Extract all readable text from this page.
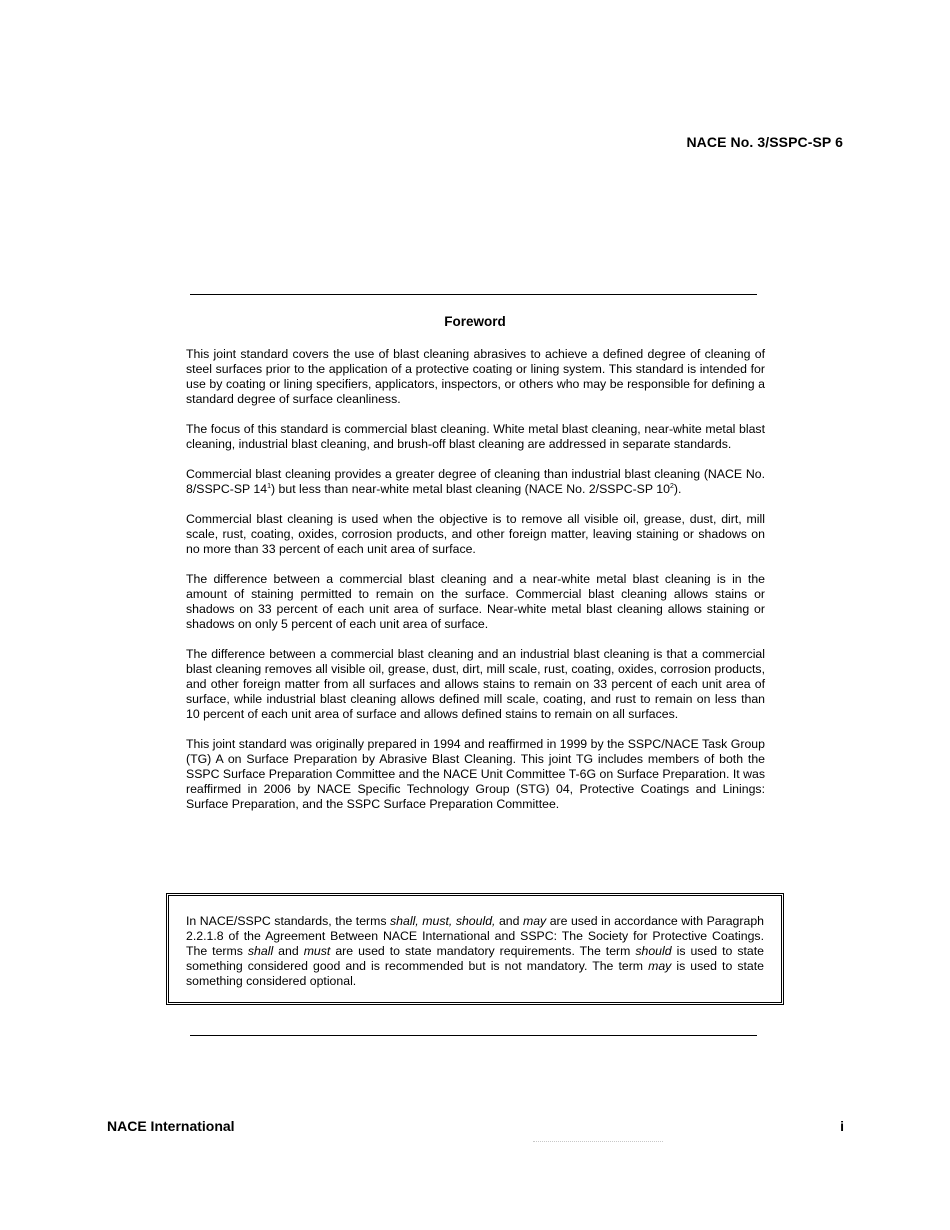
NACE No. 3/SSPC-SP 6
Foreword

This joint standard covers the use of blast cleaning abrasives to achieve a defined degree of cleaning of steel surfaces prior to the application of a protective coating or lining system. This standard is intended for use by coating or lining specifiers, applicators, inspectors, or others who may be responsible for defining a standard degree of surface cleanliness.

The focus of this standard is commercial blast cleaning. White metal blast cleaning, near-white metal blast cleaning, industrial blast cleaning, and brush-off blast cleaning are addressed in separate standards.

Commercial blast cleaning provides a greater degree of cleaning than industrial blast cleaning (NACE No. 8/SSPC-SP $14^1$) but less than near-white metal blast cleaning (NACE No. 2/SSPC-SP $10^2$).

Commercial blast cleaning is used when the objective is to remove all visible oil, grease, dust, dirt, mill scale, rust, coating, oxides, corrosion products, and other foreign matter, leaving staining or shadows on no more than 33 percent of each unit area of surface.

The difference between a commercial blast cleaning and a near-white metal blast cleaning is in the amount of staining permitted to remain on the surface. Commercial blast cleaning allows stains or shadows on 33 percent of each unit area of surface. Near-white metal blast cleaning allows staining or shadows on only 5 percent of each unit area of surface.

The difference between a commercial blast cleaning and an industrial blast cleaning is that a commercial blast cleaning removes all visible oil, grease, dust, dirt, mill scale, rust, coating, oxides, corrosion products, and other foreign matter from all surfaces and allows stains to remain on 33 percent of each unit area of surface, while industrial blast cleaning allows defined mill scale, coating, and rust to remain on less than 10 percent of each unit area of surface and allows defined stains to remain on all surfaces.

This joint standard was originally prepared in 1994 and reaffirmed in 1999 by the SSPC/NACE Task Group (TG) A on Surface Preparation by Abrasive Blast Cleaning. This joint TG includes members of both the SSPC Surface Preparation Committee and the NACE Unit Committee T-6G on Surface Preparation. It was reaffirmed in 2006 by NACE Specific Technology Group (STG) 04, Protective Coatings and Linings: Surface Preparation, and the SSPC Surface Preparation Committee.

In NACE/SSPC standards, the terms shall, must, should, and may are used in accordance with Paragraph 2.2.1.8 of the Agreement Between NACE International and SSPC: The Society for Protective Coatings. The terms shall and must are used to state mandatory requirements. The term should is used to state something considered good and is recommended but is not mandatory. The term may is used to state something considered optional.
NACE International	i
